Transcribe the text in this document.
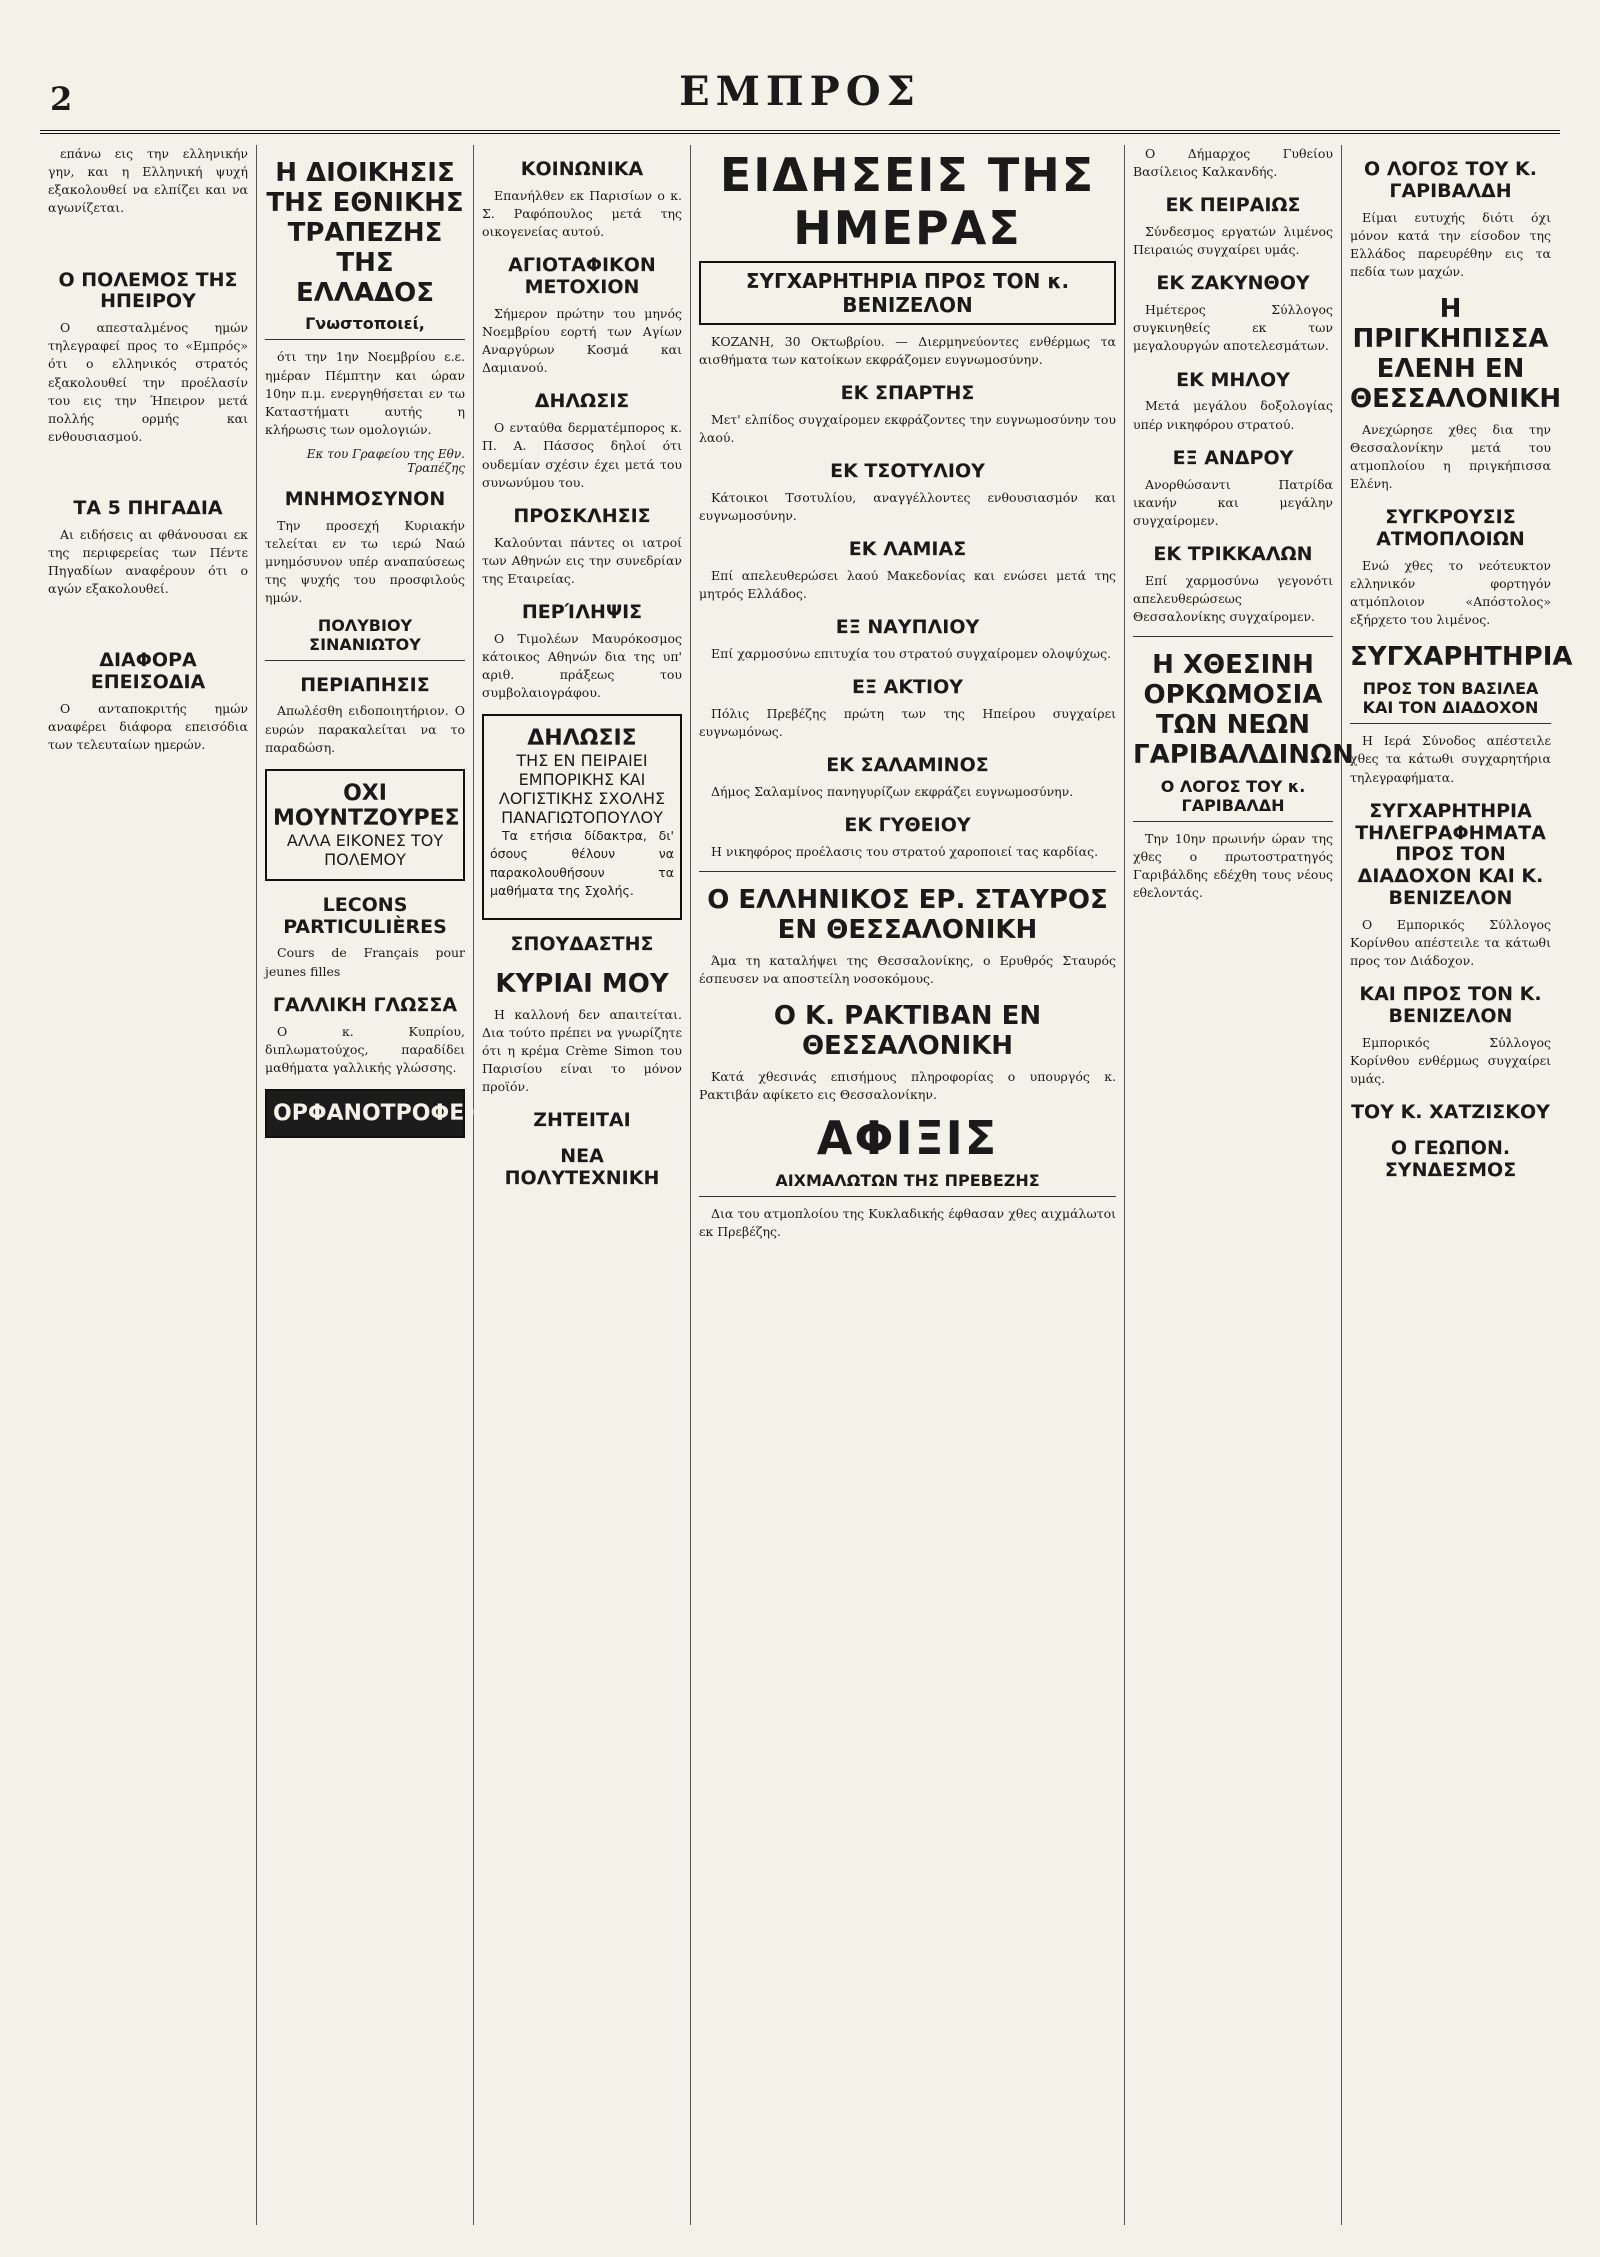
2	ΕΜΠΡΟΣ

επάνω εις την ελληνικήν γην, και η Ελληνική ψυχή εξακολουθεί να ελπίζει και να αγωνίζεται.

Ο ΠΟΛΕΜΟΣ ΤΗΣ ΗΠΕΙΡΟΥ

Ο απεσταλμένος ημών τηλεγραφεί προς το «Εμπρός» ότι ο ελληνικός στρατός εξακολουθεί την προέλασίν του εις την Ήπειρον μετά πολλής ορμής και ενθουσιασμού.

ΤΑ 5 ΠΗΓΑΔΙΑ

Αι ειδήσεις αι φθάνουσαι εκ της περιφερείας των Πέντε Πηγαδίων αναφέρουν ότι ο αγών εξακολουθεί.

ΔΙΑΦΟΡΑ ΕΠΕΙΣΟΔΙΑ

Ο ανταποκριτής ημών αναφέρει διάφορα επεισόδια των τελευταίων ημερών.

Η ΔΙΟΙΚΗΣΙΣ ΤΗΣ ΕΘΝΙΚΗΣ ΤΡΑΠΕΖΗΣ ΤΗΣ ΕΛΛΑΔΟΣ
Γνωστοποιεί,

ότι την 1ην Νοεμβρίου ε.ε. ημέραν Πέμπτην και ώραν 10ην π.μ. ενεργηθήσεται εν τω Καταστήματι αυτής η κλήρωσις των ομολογιών.

Εκ του Γραφείου της Εθν. Τραπέζης
ΜΝΗΜΟΣΥΝΟΝ

Την προσεχή Κυριακήν τελείται εν τω ιερώ Ναώ μνημόσυνον υπέρ αναπαύσεως της ψυχής του προσφιλούς ημών.

ΠΟΛΥΒΙΟΥ ΣΙΝΑΝΙΩΤΟΥ
ΠΕΡΙΑΠΗΣΙΣ

Απωλέσθη ειδοποιητήριον. Ο ευρών παρακαλείται να το παραδώση.

ΟΧΙ ΜΟΥΝΤΖΟΥΡΕΣ
ΑΛΛΑ ΕΙΚΟΝΕΣ ΤΟΥ ΠΟΛΕΜΟΥ
LECONS PARTICULIÈRES

Cours de Français pour jeunes filles

ΓΑΛΛΙΚΗ ΓΛΩΣΣΑ

Ο κ. Κυπρίου, διπλωματούχος, παραδίδει μαθήματα γαλλικής γλώσσης.

ΟΡΦΑΝΟΤΡΟΦΕΙΟΥ
ΚΟΙΝΩΝΙΚΑ

Επανήλθεν εκ Παρισίων ο κ. Σ. Ραφόπουλος μετά της οικογενείας αυτού.

ΑΓΙΟΤΑΦΙΚΟΝ ΜΕΤΟΧΙΟΝ

Σήμερον πρώτην του μηνός Νοεμβρίου εορτή των Αγίων Αναργύρων Κοσμά και Δαμιανού.

ΔΗΛΩΣΙΣ

Ο ενταύθα δερματέμπορος κ. Π. Α. Πάσσος δηλοί ότι ουδεμίαν σχέσιν έχει μετά του συνωνύμου του.

ΠΡΟΣΚΛΗΣΙΣ

Καλούνται πάντες οι ιατροί των Αθηνών εις την συνεδρίαν της Εταιρείας.

ΠΕΡΊΛΗΨΙΣ

Ο Τιμολέων Μαυρόκοσμος κάτοικος Αθηνών δια της υπ' αριθ. πράξεως του συμβολαιογράφου.

ΔΗΛΩΣΙΣ
ΤΗΣ ΕΝ ΠΕΙΡΑΙΕΙ ΕΜΠΟΡΙΚΗΣ ΚΑΙ ΛΟΓΙΣΤΙΚΗΣ ΣΧΟΛΗΣ ΠΑΝΑΓΙΩΤΟΠΟΥΛΟΥ

Τα ετήσια δίδακτρα, δι' όσους θέλουν να παρακολουθήσουν τα μαθήματα της Σχολής.

ΣΠΟΥΔΑΣΤΗΣ
ΚΥΡΙΑΙ ΜΟΥ

Η καλλονή δεν απαιτείται. Δια τούτο πρέπει να γνωρίζητε ότι η κρέμα Crème Simon του Παρισίου είναι το μόνον προϊόν.

ΖΗΤΕΙΤΑΙ
ΝΕΑ ΠΟΛΥΤΕΧΝΙΚΗ
ΕΙΔΗΣΕΙΣ ΤΗΣ ΗΜΕΡΑΣ
ΣΥΓΧΑΡΗΤΗΡΙΑ ΠΡΟΣ ΤΟΝ κ. ΒΕΝΙΖΕΛΟΝ

ΚΟΖΑΝΗ, 30 Οκτωβρίου. — Διερμηνεύοντες ενθέρμως τα αισθήματα των κατοίκων εκφράζομεν ευγνωμοσύνην.

ΕΚ ΣΠΑΡΤΗΣ

Μετ' ελπίδος συγχαίρομεν εκφράζοντες την ευγνωμοσύνην του λαού.

ΕΚ ΤΣΟΤΥΛΙΟΥ

Κάτοικοι Τσοτυλίου, αναγγέλλοντες ενθουσιασμόν και ευγνωμοσύνην.

ΕΚ ΛΑΜΙΑΣ

Επί απελευθερώσει λαού Μακεδονίας και ενώσει μετά της μητρός Ελλάδος.

ΕΞ ΝΑΥΠΛΙΟΥ

Επί χαρμοσύνω επιτυχία του στρατού συγχαίρομεν ολοψύχως.

ΕΞ ΑΚΤΙΟΥ

Πόλις Πρεβέζης πρώτη των της Ηπείρου συγχαίρει ευγνωμόνως.

ΕΚ ΣΑΛΑΜΙΝΟΣ

Δήμος Σαλαμίνος πανηγυρίζων εκφράζει ευγνωμοσύνην.

ΕΚ ΓΥΘΕΙΟΥ

Η νικηφόρος προέλασις του στρατού χαροποιεί τας καρδίας.

Ο ΕΛΛΗΝΙΚΟΣ ΕΡ. ΣΤΑΥΡΟΣ ΕΝ ΘΕΣΣΑΛΟΝΙΚΗ

Άμα τη καταλήψει της Θεσσαλονίκης, ο Ερυθρός Σταυρός έσπευσεν να αποστείλη νοσοκόμους.

Ο Κ. ΡΑΚΤΙΒΑΝ ΕΝ ΘΕΣΣΑΛΟΝΙΚΗ

Κατά χθεσινάς επισήμους πληροφορίας ο υπουργός κ. Ρακτιβάν αφίκετο εις Θεσσαλονίκην.

ΑΦΙΞΙΣ
ΑΙΧΜΑΛΩΤΩΝ ΤΗΣ ΠΡΕΒΕΖΗΣ

Δια του ατμοπλοίου της Κυκλαδικής έφθασαν χθες αιχμάλωτοι εκ Πρεβέζης.

Ο Δήμαρχος Γυθείου Βασίλειος Καλκανδής.

ΕΚ ΠΕΙΡΑΙΩΣ

Σύνδεσμος εργατών λιμένος Πειραιώς συγχαίρει υμάς.

ΕΚ ΖΑΚΥΝΘΟΥ

Ημέτερος Σύλλογος συγκινηθείς εκ των μεγαλουργών αποτελεσμάτων.

ΕΚ ΜΗΛΟΥ

Μετά μεγάλου δοξολογίας υπέρ νικηφόρου στρατού.

ΕΞ ΑΝΔΡΟΥ

Ανορθώσαντι Πατρίδα ικανήν και μεγάλην συγχαίρομεν.

ΕΚ ΤΡΙΚΚΑΛΩΝ

Επί χαρμοσύνω γεγονότι απελευθερώσεως Θεσσαλονίκης συγχαίρομεν.

Η ΧΘΕΣΙΝΗ ΟΡΚΩΜΟΣΙΑ ΤΩΝ ΝΕΩΝ ΓΑΡΙΒΑΛΔΙΝΩΝ
Ο ΛΟΓΟΣ ΤΟΥ κ. ΓΑΡΙΒΑΛΔΗ

Την 10ην πρωινήν ώραν της χθες ο πρωτοστρατηγός Γαριβάλδης εδέχθη τους νέους εθελοντάς.

Ο ΛΟΓΟΣ ΤΟΥ Κ. ΓΑΡΙΒΑΛΔΗ

Είμαι ευτυχής διότι όχι μόνον κατά την είσοδον της Ελλάδος παρευρέθην εις τα πεδία των μαχών.

Η ΠΡΙΓΚΗΠΙΣΣΑ ΕΛΕΝΗ ΕΝ ΘΕΣΣΑΛΟΝΙΚΗ

Ανεχώρησε χθες δια την Θεσσαλονίκην μετά του ατμοπλοίου η πριγκήπισσα Ελένη.

ΣΥΓΚΡΟΥΣΙΣ ΑΤΜΟΠΛΟΙΩΝ

Ενώ χθες το νεότευκτον ελληνικόν φορτηγόν ατμόπλοιον «Απόστολος» εξήρχετο του λιμένος.

ΣΥΓΧΑΡΗΤΗΡΙΑ
ΠΡΟΣ ΤΟΝ ΒΑΣΙΛΕΑ ΚΑΙ ΤΟΝ ΔΙΑΔΟΧΟΝ

Η Ιερά Σύνοδος απέστειλε χθες τα κάτωθι συγχαρητήρια τηλεγραφήματα.

ΣΥΓΧΑΡΗΤΗΡΙΑ ΤΗΛΕΓΡΑΦΗΜΑΤΑ ΠΡΟΣ ΤΟΝ ΔΙΑΔΟΧΟΝ ΚΑΙ Κ. ΒΕΝΙΖΕΛΟΝ

Ο Εμπορικός Σύλλογος Κορίνθου απέστειλε τα κάτωθι προς τον Διάδοχον.

ΚΑΙ ΠΡΟΣ ΤΟΝ Κ. ΒΕΝΙΖΕΛΟΝ

Εμπορικός Σύλλογος Κορίνθου ενθέρμως συγχαίρει υμάς.

ΤΟΥ Κ. ΧΑΤΖΙΣΚΟΥ
Ο ΓΕΩΠΟΝ. ΣΥΝΔΕΣΜΟΣ
